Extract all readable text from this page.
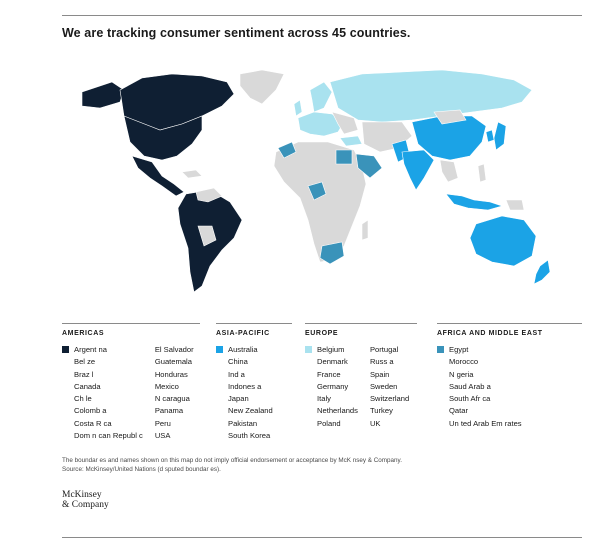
We are tracking consumer sentiment across 45 countries.
AMERICAS
Argent na
Bel ze
Braz l
Canada
Ch le
Colomb a
Costa R ca
Dom n can Republ c
El Salvador
Guatemala
Honduras
Mexico
N caragua
Panama
Peru
USA
ASIA-PACIFIC
Australia
China
Ind a
Indones a
Japan
New Zealand
Pakistan
South Korea
EUROPE
Belgium
Denmark
France
Germany
Italy
Netherlands
Poland
Portugal
Russ a
Spain
Sweden
Switzerland
Turkey
UK
AFRICA AND MIDDLE EAST
Egypt
Morocco
N geria
Saud Arab a
South Afr ca
Qatar
Un ted Arab Em rates
The boundar es and names shown on this map do not imply official endorsement or acceptance by McK nsey & Company.
Source: McKinsey/United Nations (d sputed boundar es).
McKinsey
& Company
